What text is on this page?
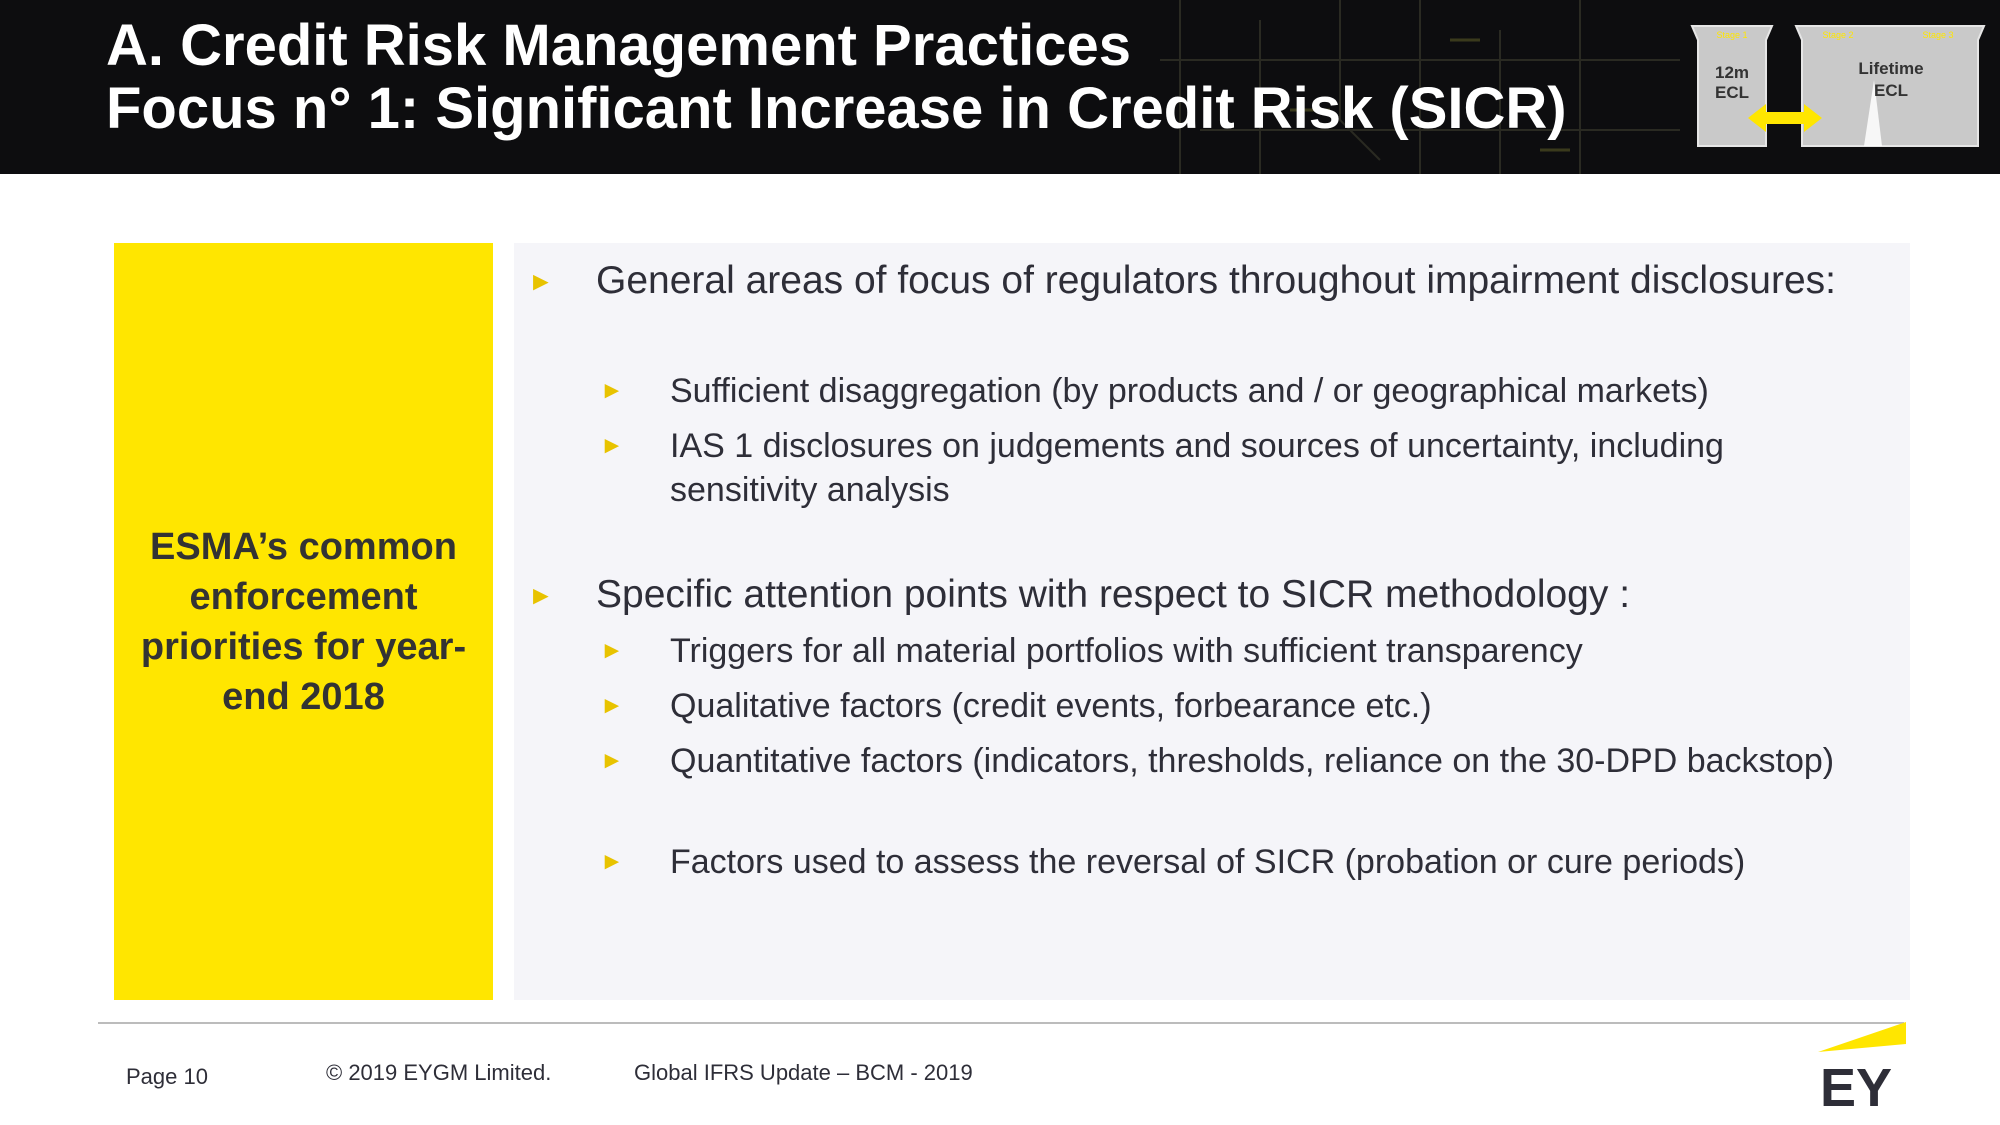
A. Credit Risk Management Practices
Focus n° 1: Significant Increase in Credit Risk (SICR)
Stage 1
12m
ECL
Stage 2	Stage 3
Lifetime
ECL
ESMA’s common enforcement priorities for year-end 2018
►	General areas of focus of regulators throughout impairment disclosures:
►	Sufficient disaggregation (by products and / or geographical markets)
►	IAS 1 disclosures on judgements and sources of uncertainty, including sensitivity analysis
►	Specific attention points with respect to SICR methodology :
►	Triggers for all material portfolios with sufficient transparency
►	Qualitative factors (credit events, forbearance etc.)
►	Quantitative factors (indicators, thresholds, reliance on the 30-DPD backstop)
►	Factors used to assess the reversal of SICR (probation or cure periods)
Page 10	© 2019 EYGM Limited.	Global IFRS Update – BCM - 2019	EY
